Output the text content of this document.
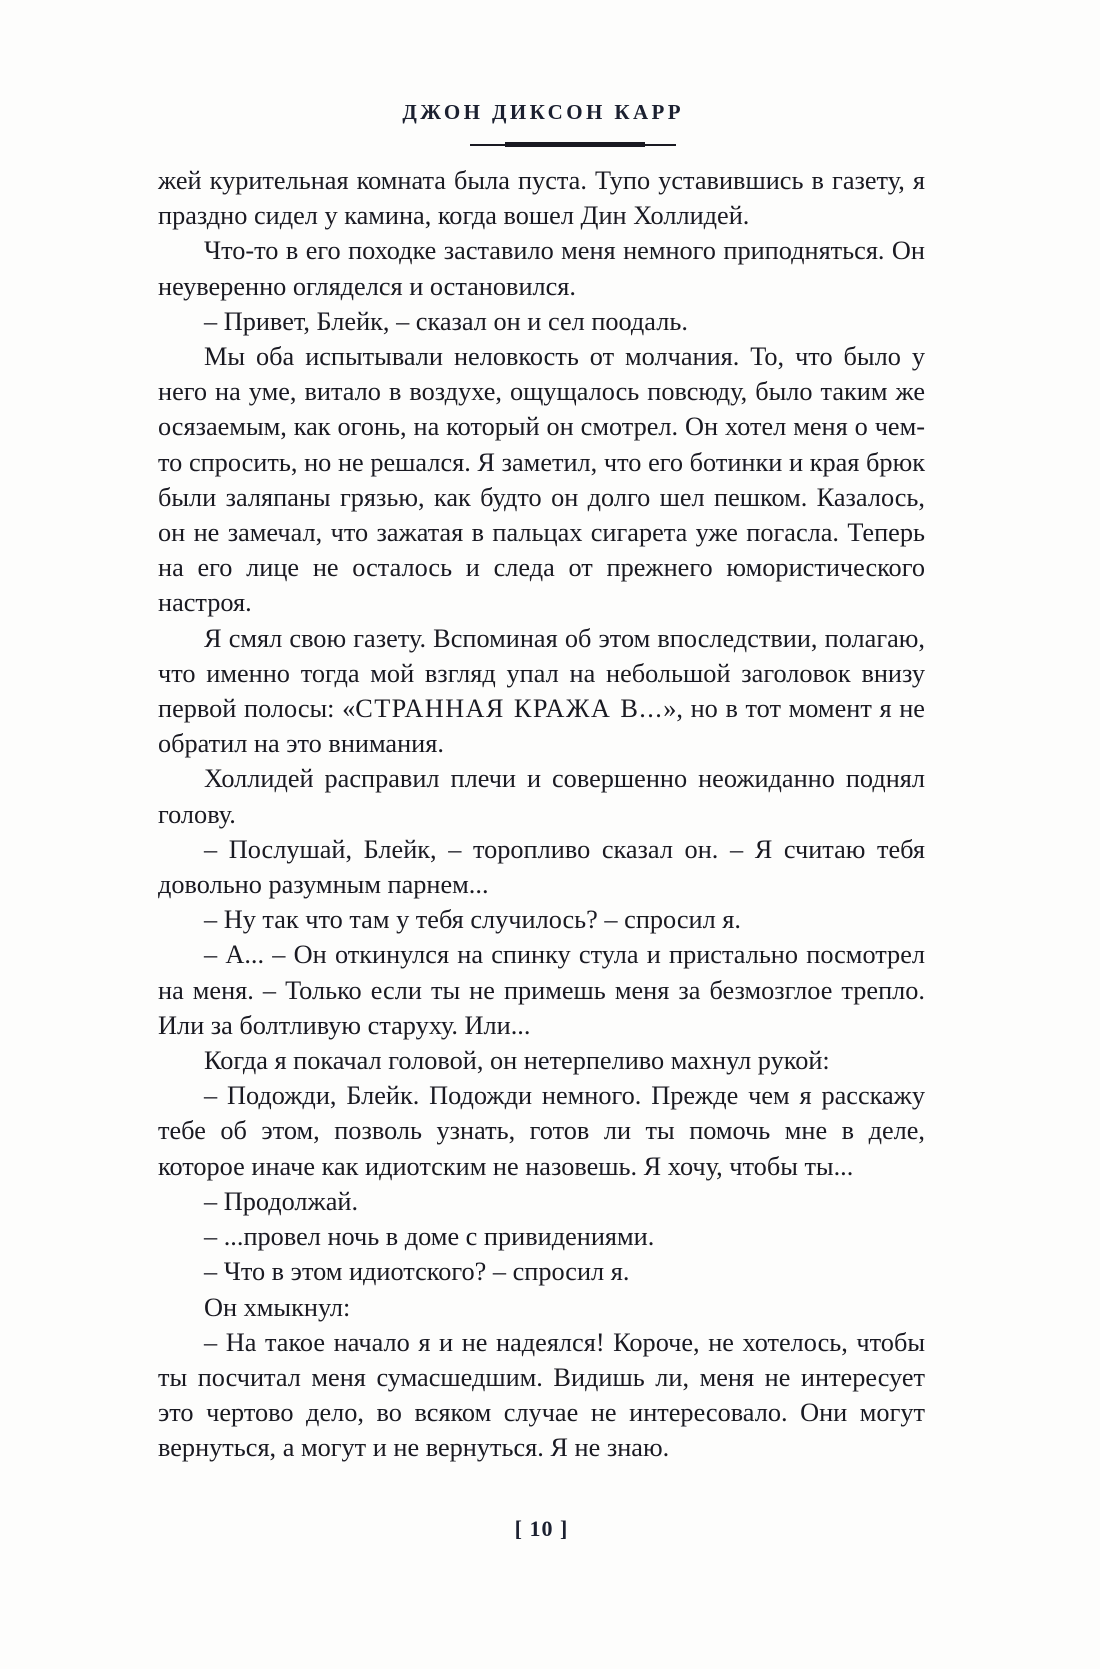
ДЖОН ДИКСОН КАРР

жей курительная комната была пуста. Тупо уставившись в газету, я праздно сидел у камина, когда вошел Дин Холлидей.

Что-то в его походке заставило меня немного приподняться. Он неуверенно огляделся и остановился.

– Привет, Блейк, – сказал он и сел поодаль.

Мы оба испытывали неловкость от молчания. То, что было у него на уме, витало в воздухе, ощущалось повсюду, было таким же осязаемым, как огонь, на который он смотрел. Он хотел меня о чем-то спросить, но не решался. Я заметил, что его ботинки и края брюк были заляпаны грязью, как будто он долго шел пешком. Казалось, он не замечал, что зажатая в пальцах сигарета уже погасла. Теперь на его лице не осталось и следа от прежнего юмористического настроя.

Я смял свою газету. Вспоминая об этом впоследствии, полагаю, что именно тогда мой взгляд упал на небольшой заголовок внизу первой полосы: «СТРАННАЯ КРАЖА В...», но в тот момент я не обратил на это внимания.

Холлидей расправил плечи и совершенно неожиданно поднял голову.

– Послушай, Блейк, – торопливо сказал он. – Я считаю тебя довольно разумным парнем...

– Ну так что там у тебя случилось? – спросил я.

– А... – Он откинулся на спинку стула и пристально посмотрел на меня. – Только если ты не примешь меня за безмозглое трепло. Или за болтливую старуху. Или...

Когда я покачал головой, он нетерпеливо махнул рукой:

– Подожди, Блейк. Подожди немного. Прежде чем я расскажу тебе об этом, позволь узнать, готов ли ты помочь мне в деле, которое иначе как идиотским не назовешь. Я хочу, чтобы ты...

– Продолжай.

– ...провел ночь в доме с привидениями.

– Что в этом идиотского? – спросил я.

Он хмыкнул:

– На такое начало я и не надеялся! Короче, не хотелось, чтобы ты посчитал меня сумасшедшим. Видишь ли, меня не интересует это чертово дело, во всяком случае не интересовало. Они могут вернуться, а могут и не вернуться. Я не знаю.

[ 10 ]
